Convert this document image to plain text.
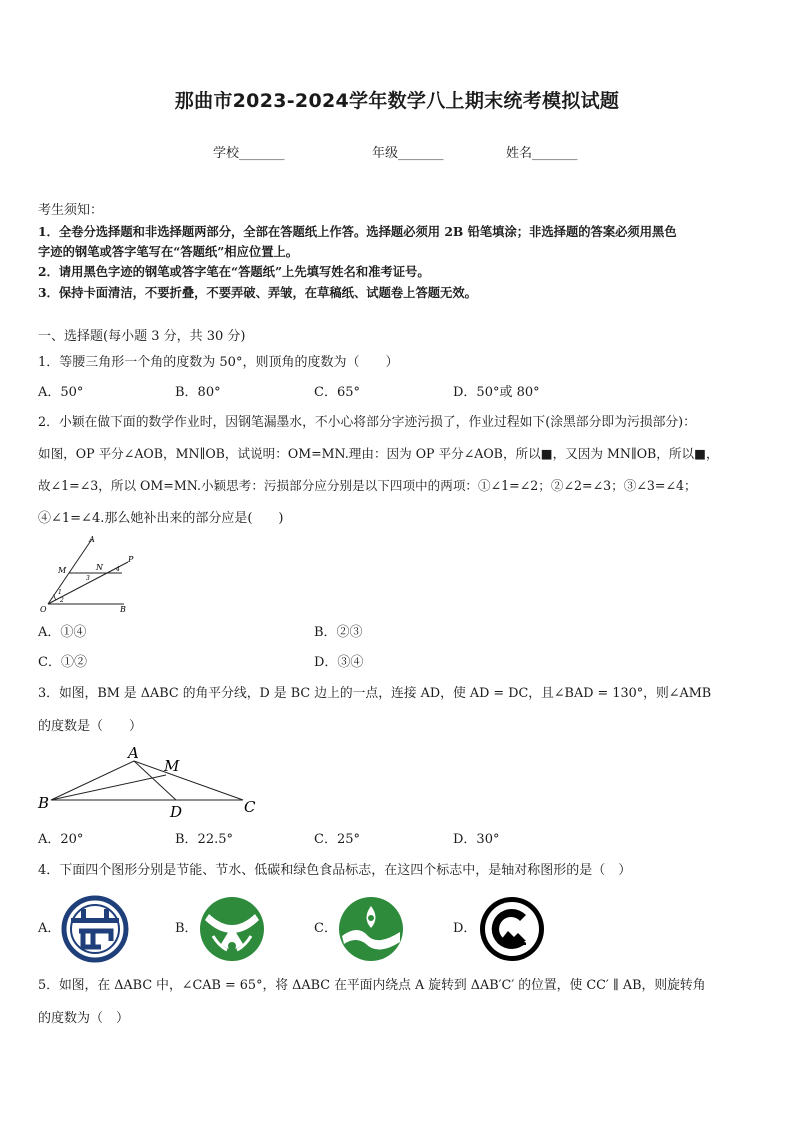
那曲市2023-2024学年数学八上期末统考模拟试题
学校_______	年级_______	姓名_______
考生须知：
1．全卷分选择题和非选择题两部分，全部在答题纸上作答。选择题必须用 2B 铅笔填涂；非选择题的答案必须用黑色
字迹的钢笔或答字笔写在“答题纸”相应位置上。
2．请用黑色字迹的钢笔或答字笔在“答题纸”上先填写姓名和准考证号。
3．保持卡面清洁，不要折叠，不要弄破、弄皱，在草稿纸、试题卷上答题无效。
一、选择题(每小题 3 分，共 30 分)
1．等腰三角形一个角的度数为 50°，则顶角的度数为（　　）
A．50°	B．80°	C．65°	D．50°或 80°
2．小颖在做下面的数学作业时，因钢笔漏墨水，不小心将部分字迹污损了，作业过程如下(涂黑部分即为污损部分)：
如图，OP 平分∠AOB，MN∥OB，试说明：OM=MN.理由：因为 OP 平分∠AOB，所以■，又因为 MN∥OB，所以■，
故∠1=∠3，所以 OM=MN.小颖思考：污损部分应分别是以下四项中的两项：①∠1=∠2；②∠2=∠3；③∠3=∠4；
④∠1=∠4.那么她补出来的部分应是(　　)
A
M	N
P
3
4
1
2
O	B
A．①④	B．②③
C．①②	D．③④
3．如图，BM 是 ΔABC 的角平分线，D 是 BC 边上的一点，连接 AD，使 AD = DC，且∠BAD = 130°，则∠AMB
的度数是（　　）
A
M
B	D	C
A．20°	B．22.5°	C．25°	D．30°
4．下面四个图形分别是节能、节水、低碳和绿色食品标志，在这四个标志中，是轴对称图形的是（　）
A．	B．	C．	D．
5．如图，在 ΔABC 中，∠CAB = 65°，将 ΔABC 在平面内绕点 A 旋转到 ΔAB′C′ 的位置，使 CC′ ∥ AB，则旋转角
的度数为（　）
